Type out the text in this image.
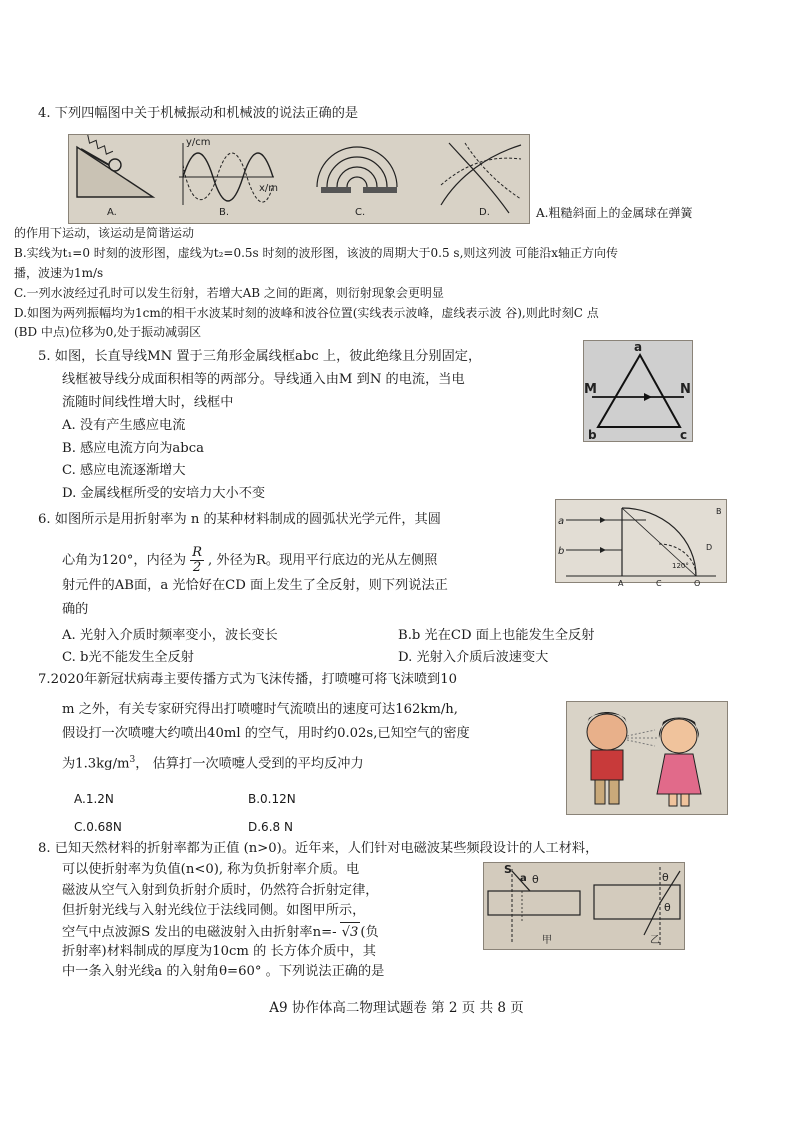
4. 下列四幅图中关于机械振动和机械波的说法正确的是
A.
y/cm
x/m
B.	C.	D.	A.粗糙斜面上的金属球在弹簧
的作用下运动，该运动是简谐运动
B.实线为t₁=0 时刻的波形图，虚线为t₂=0.5s 时刻的波形图，该波的周期大于0.5 s,则这列波 可能沿x轴正方向传
播，波速为1m/s
C.一列水波经过孔时可以发生衍射，若增大AB 之间的距离，则衍射现象会更明显
D.如图为两列振幅均为1cm的相干水波某时刻的波峰和波谷位置(实线表示波峰，虚线表示波 谷),则此时刻C 点
(BD 中点)位移为0,处于振动减弱区
5. 如图，长直导线MN 置于三角形金属线框abc 上，彼此绝缘且分别固定，
线框被导线分成面积相等的两部分。导线通入由M 到N 的电流，当电
流随时间线性增大时，线框中
A. 没有产生感应电流
B. 感应电流方向为abca
C. 感应电流逐渐增大
D. 金属线框所受的安培力大小不变
a
b	c
M	N
6. 如图所示是用折射率为 n 的某种材料制成的圆弧状光学元件，其圆
心角为120°，内径为 $\frac{R}{2}$ , 外径为R。现用平行底边的光从左侧照
射元件的AB面，a 光恰好在CD 面上发生了全反射，则下列说法正
确的
A. 光射入介质时频率变小，波长变长	B.b 光在CD 面上也能发生全反射
C. b光不能发生全反射	D. 光射入介质后波速变大
a
b
A
B
C
D
O
120°
7.2020年新冠状病毒主要传播方式为飞沫传播，打喷嚏可将飞沫喷到10
m 之外，有关专家研究得出打喷嚏时气流喷出的速度可达162km/h,
假设打一次喷嚏大约喷出40ml 的空气，用时约0.02s,已知空气的密度
为$1.3kg/m^3$， 估算打一次喷嚏人受到的平均反冲力
A.1.2N	B.0.12N
C.0.68N	D.6.8 N
8. 已知天然材料的折射率都为正值 (n>0)。近年来，人们针对电磁波某些频段设计的人工材料，
可以使折射率为负值(n<0), 称为负折射率介质。电
磁波从空气入射到负折射介质时，仍然符合折射定律，
但折射光线与入射光线位于法线同侧。如图甲所示，
空气中点波源S 发出的电磁波射入由折射率n=- √3 (负
折射率)材料制成的厚度为10cm 的 长方体介质中，其
中一条入射光线a 的入射角θ=60° 。下列说法正确的是
S
a θ
甲
θ
θ
乙
A9 协作体高二物理试题卷 第 2 页 共 8 页
